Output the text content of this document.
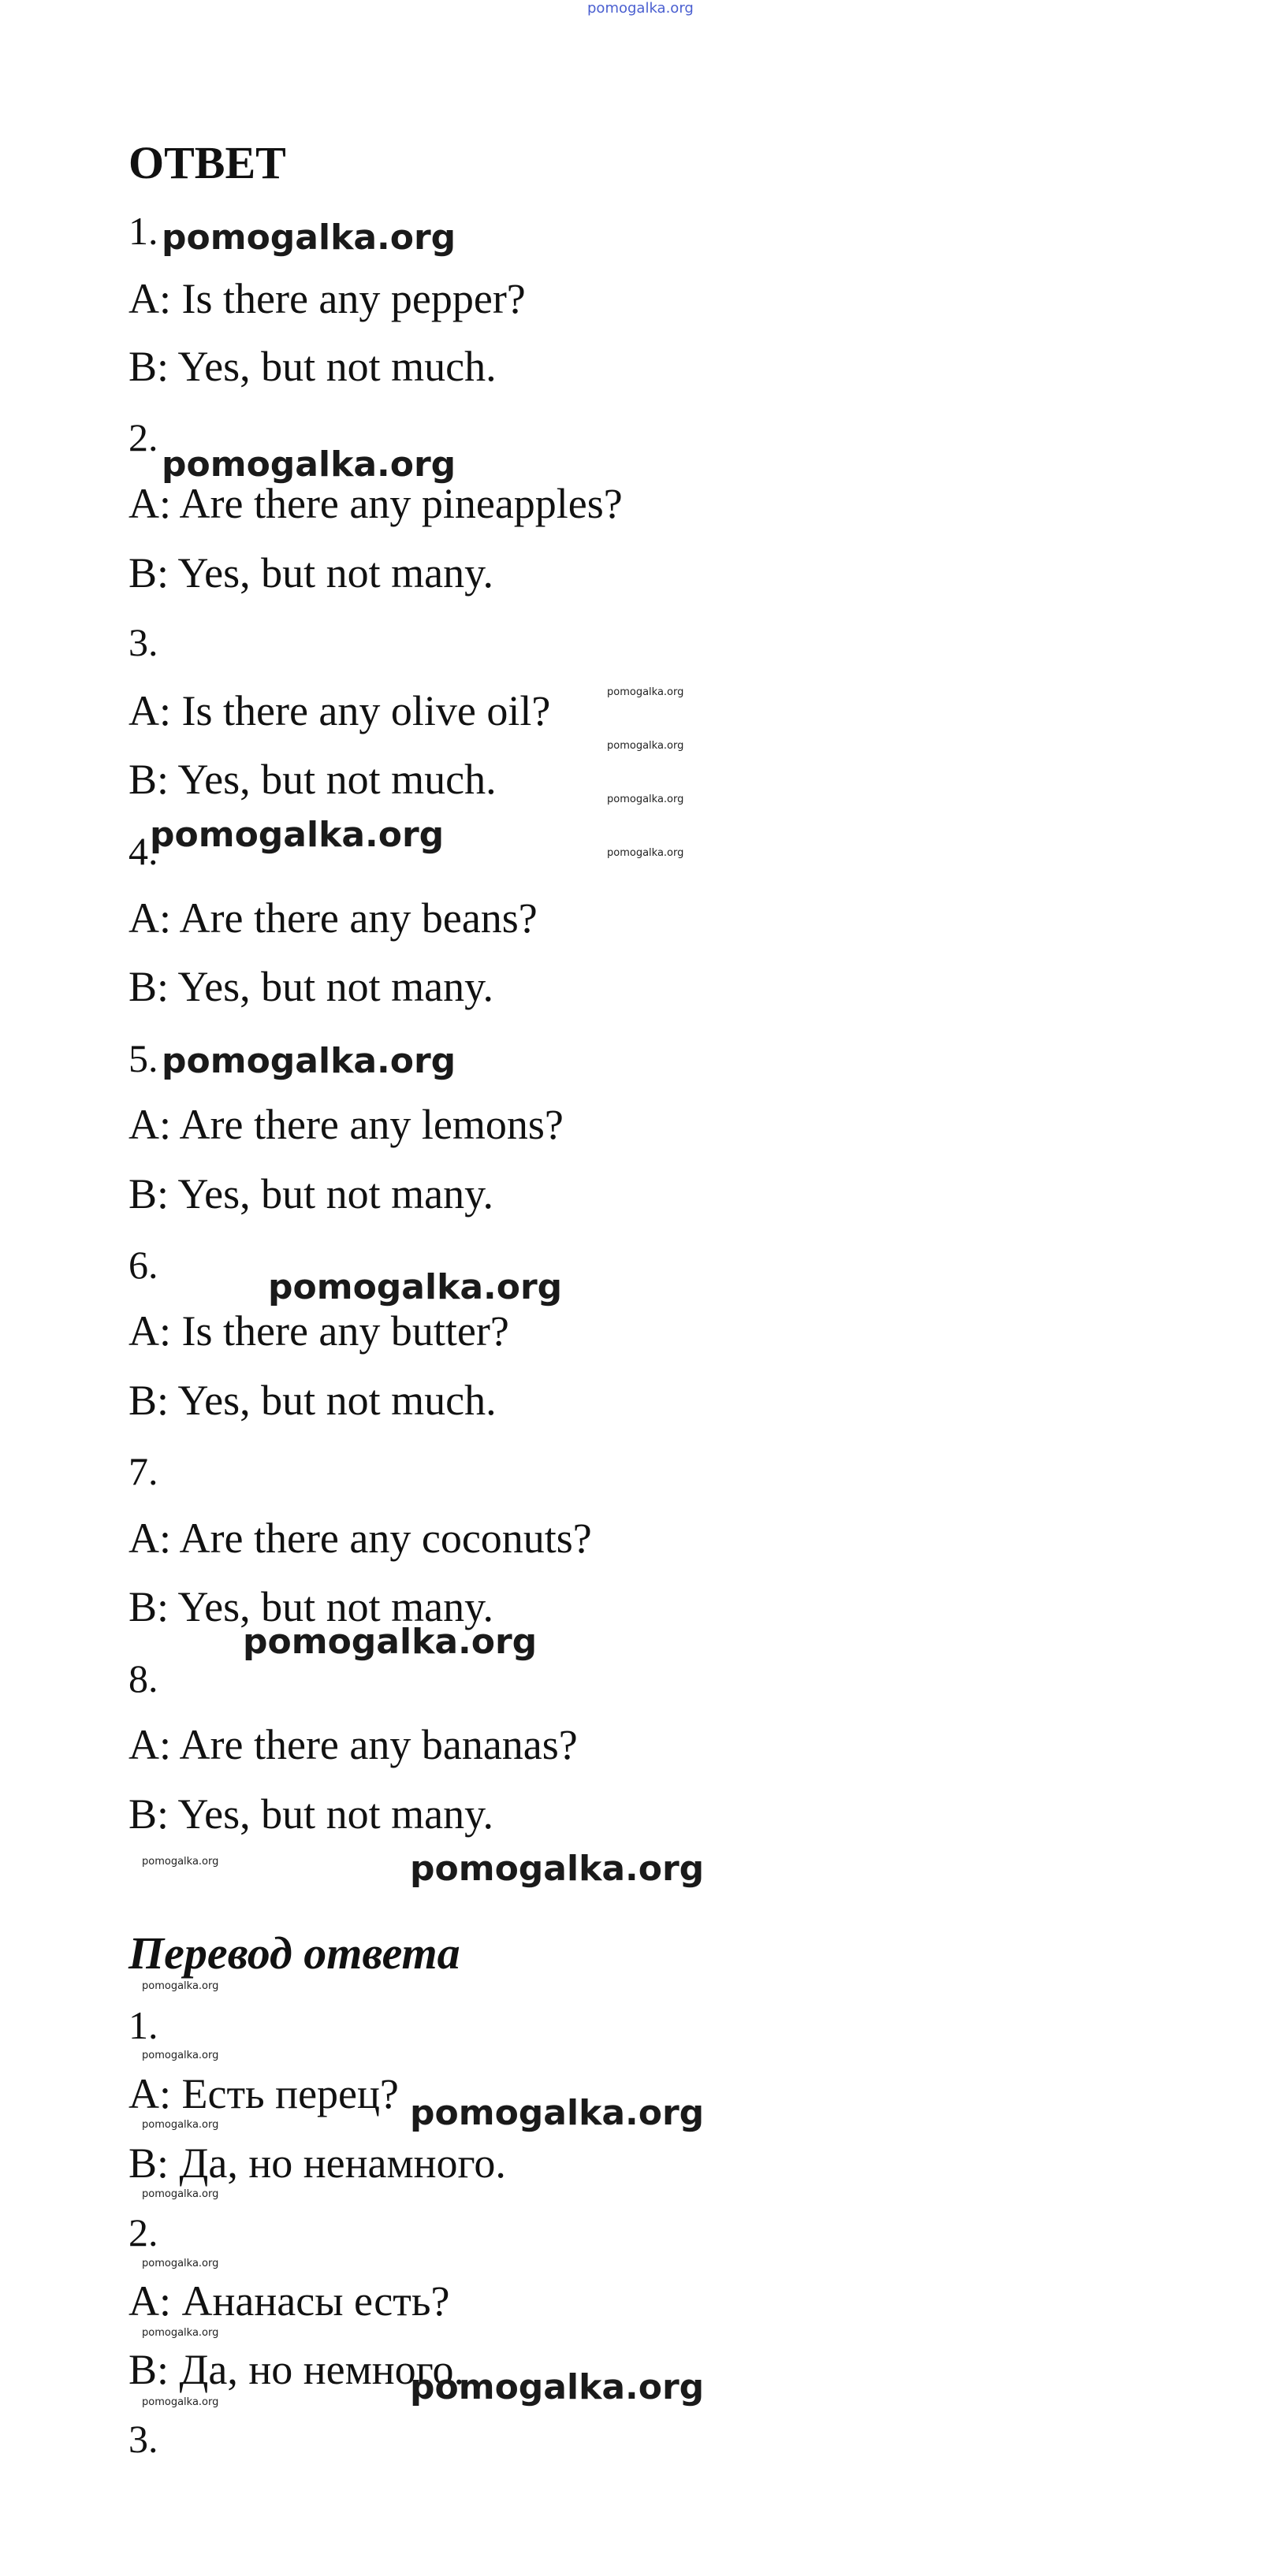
pomogalka.org
ОТВЕТ
1.
A: Is there any pepper?
B: Yes, but not much.
2.
A: Are there any pineapples?
B: Yes, but not many.
3.
A: Is there any olive oil?
B: Yes, but not much.
4.
A: Are there any beans?
B: Yes, but not many.
5.
A: Are there any lemons?
B: Yes, but not many.
6.
A: Is there any butter?
B: Yes, but not much.
7.
A: Are there any coconuts?
B: Yes, but not many.
8.
A: Are there any bananas?
B: Yes, but not many.
Перевод ответа
1.
A: Есть перец?
B: Да, но ненамного.
2.
A: Ананасы есть?
B: Да, но немного.
3.
pomogalka.org
pomogalka.org
pomogalka.org
pomogalka.org
pomogalka.org
pomogalka.org
pomogalka.org
pomogalka.org
pomogalka.org
pomogalka.org
pomogalka.org
pomogalka.org
pomogalka.org
pomogalka.org
pomogalka.org
pomogalka.org
pomogalka.org
pomogalka.org
pomogalka.org
pomogalka.org
pomogalka.org
